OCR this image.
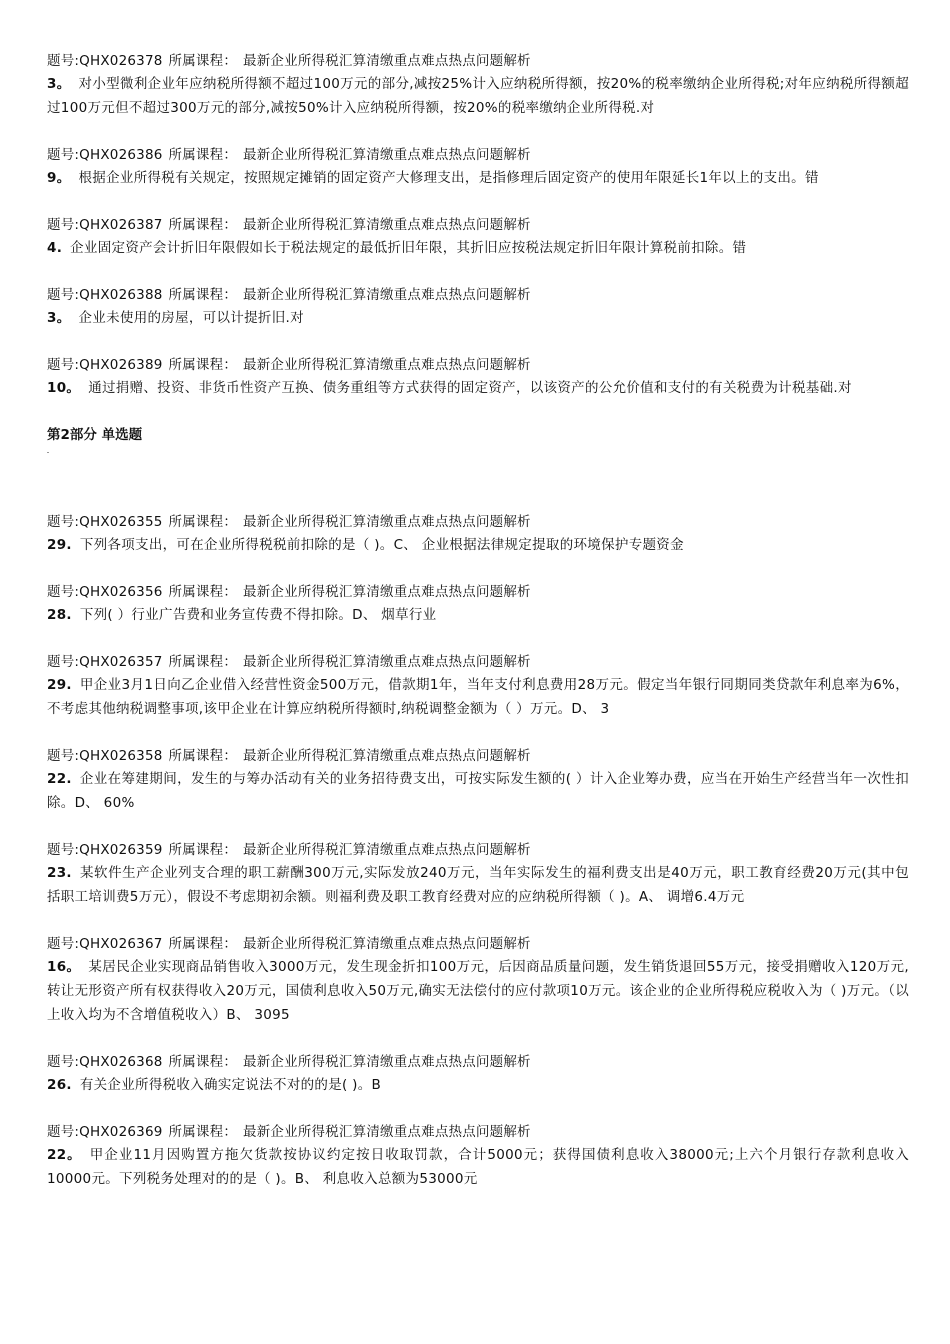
题号:QHX026378 所属课程： 最新企业所得税汇算清缴重点难点热点问题解析
3。 对小型微利企业年应纳税所得额不超过100万元的部分,减按25%计入应纳税所得额，按20%的税率缴纳企业所得税;对年应纳税所得额超过100万元但不超过300万元的部分,减按50%计入应纳税所得额，按20%的税率缴纳企业所得税.对
题号:QHX026386 所属课程： 最新企业所得税汇算清缴重点难点热点问题解析
9。 根据企业所得税有关规定，按照规定摊销的固定资产大修理支出，是指修理后固定资产的使用年限延长1年以上的支出。错
题号:QHX026387 所属课程： 最新企业所得税汇算清缴重点难点热点问题解析
4. 企业固定资产会计折旧年限假如长于税法规定的最低折旧年限，其折旧应按税法规定折旧年限计算税前扣除。错
题号:QHX026388 所属课程： 最新企业所得税汇算清缴重点难点热点问题解析
3。 企业未使用的房屋，可以计提折旧.对
题号:QHX026389 所属课程： 最新企业所得税汇算清缴重点难点热点问题解析
10。 通过捐赠、投资、非货币性资产互换、债务重组等方式获得的固定资产，以该资产的公允价值和支付的有关税费为计税基础.对
第2部分 单选题
题号:QHX026355 所属课程： 最新企业所得税汇算清缴重点难点热点问题解析
29. 下列各项支出，可在企业所得税税前扣除的是（ )。C、 企业根据法律规定提取的环境保护专题资金
题号:QHX026356 所属课程： 最新企业所得税汇算清缴重点难点热点问题解析
28. 下列( ）行业广告费和业务宣传费不得扣除。D、 烟草行业
题号:QHX026357 所属课程： 最新企业所得税汇算清缴重点难点热点问题解析
29. 甲企业3月1日向乙企业借入经营性资金500万元，借款期1年，当年支付利息费用28万元。假定当年银行同期同类贷款年利息率为6%，不考虑其他纳税调整事项,该甲企业在计算应纳税所得额时,纳税调整金额为（ ）万元。D、 3
题号:QHX026358 所属课程： 最新企业所得税汇算清缴重点难点热点问题解析
22. 企业在筹建期间，发生的与筹办活动有关的业务招待费支出，可按实际发生额的( ）计入企业筹办费，应当在开始生产经营当年一次性扣除。D、 60%
题号:QHX026359 所属课程： 最新企业所得税汇算清缴重点难点热点问题解析
23. 某软件生产企业列支合理的职工薪酬300万元,实际发放240万元，当年实际发生的福利费支出是40万元，职工教育经费20万元(其中包括职工培训费5万元），假设不考虑期初余额。则福利费及职工教育经费对应的应纳税所得额（ )。A、 调增6.4万元
题号:QHX026367 所属课程： 最新企业所得税汇算清缴重点难点热点问题解析
16。 某居民企业实现商品销售收入3000万元，发生现金折扣100万元，后因商品质量问题，发生销货退回55万元，接受捐赠收入120万元,转让无形资产所有权获得收入20万元，国债利息收入50万元,确实无法偿付的应付款项10万元。该企业的企业所得税应税收入为（ )万元。（以上收入均为不含增值税收入）B、 3095
题号:QHX026368 所属课程： 最新企业所得税汇算清缴重点难点热点问题解析
26. 有关企业所得税收入确实定说法不对的的是( )。B
题号:QHX026369 所属课程： 最新企业所得税汇算清缴重点难点热点问题解析
22。 甲企业11月因购置方拖欠货款按协议约定按日收取罚款，合计5000元；获得国债利息收入38000元;上六个月银行存款利息收入10000元。下列税务处理对的的是（ )。B、 利息收入总额为53000元
